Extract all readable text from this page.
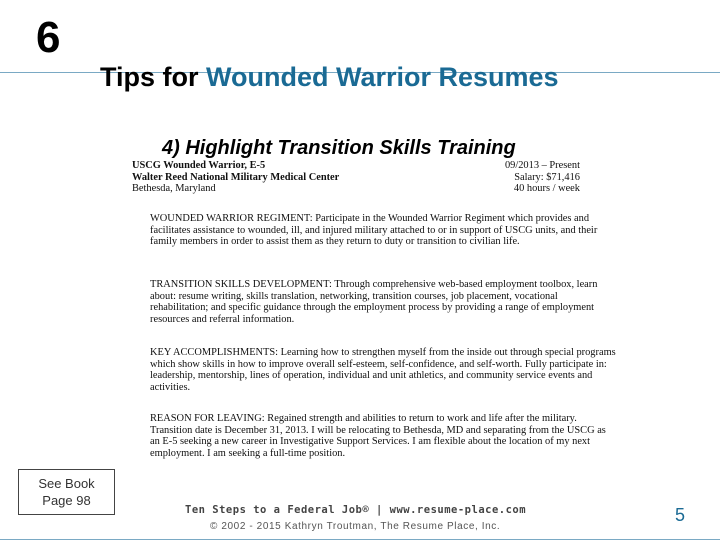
6
Tips for Wounded Warrior Resumes
4) Highlight Transition Skills Training
USCG Wounded Warrior, E-5
Walter Reed National Military Medical Center
Bethesda, Maryland
09/2013 – Present
Salary: $71,416
40 hours / week
WOUNDED WARRIOR REGIMENT: Participate in the Wounded Warrior Regiment which provides and facilitates assistance to wounded, ill, and injured military attached to or in support of USCG units, and their family members in order to assist them as they return to duty or transition to civilian life.
TRANSITION SKILLS DEVELOPMENT: Through comprehensive web-based employment toolbox, learn about: resume writing, skills translation, networking, transition courses, job placement, vocational rehabilitation; and specific guidance through the employment process by providing a range of employment resources and referral information.
KEY ACCOMPLISHMENTS: Learning how to strengthen myself from the inside out through special programs which show skills in how to improve overall self-esteem, self-confidence, and self-worth. Fully participate in: leadership, mentorship, lines of operation, individual and unit athletics, and community service events and activities.
REASON FOR LEAVING: Regained strength and abilities to return to work and life after the military. Transition date is December 31, 2013. I will be relocating to Bethesda, MD and separating from the USCG as an E-5 seeking a new career in Investigative Support Services. I am flexible about the location of my next employment. I am seeking a full-time position.
See Book
Page 98
Ten Steps to a Federal Job® | www.resume-place.com
© 2002 - 2015 Kathryn Troutman, The Resume Place, Inc.
5
